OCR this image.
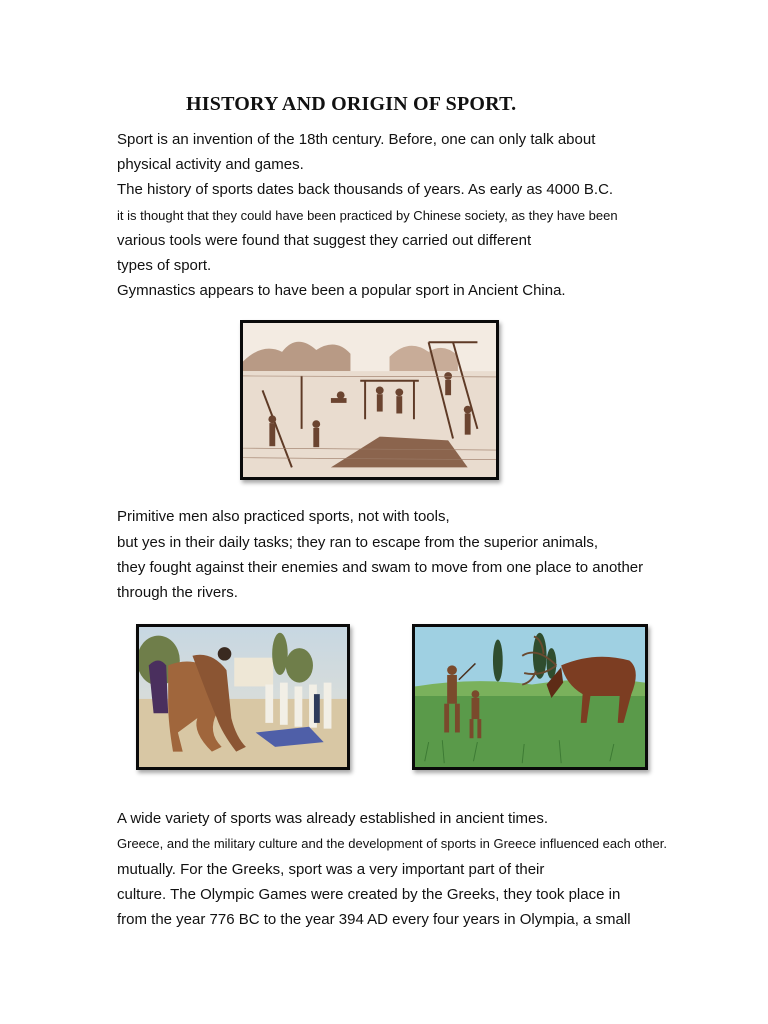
HISTORY AND ORIGIN OF SPORT.
Sport is an invention of the 18th century. Before, one can only talk about
physical activity and games.
The history of sports dates back thousands of years. As early as 4000 B.C.
it is thought that they could have been practiced by Chinese society, as they have been
various tools were found that suggest they carried out different
types of sport.
Gymnastics appears to have been a popular sport in Ancient China.
Primitive men also practiced sports, not with tools,
but yes in their daily tasks; they ran to escape from the superior animals,
they fought against their enemies and swam to move from one place to another
through the rivers.
A wide variety of sports was already established in ancient times.
Greece, and the military culture and the development of sports in Greece influenced each other.
mutually. For the Greeks, sport was a very important part of their
culture. The Olympic Games were created by the Greeks, they took place in
from the year 776 BC to the year 394 AD every four years in Olympia, a small
